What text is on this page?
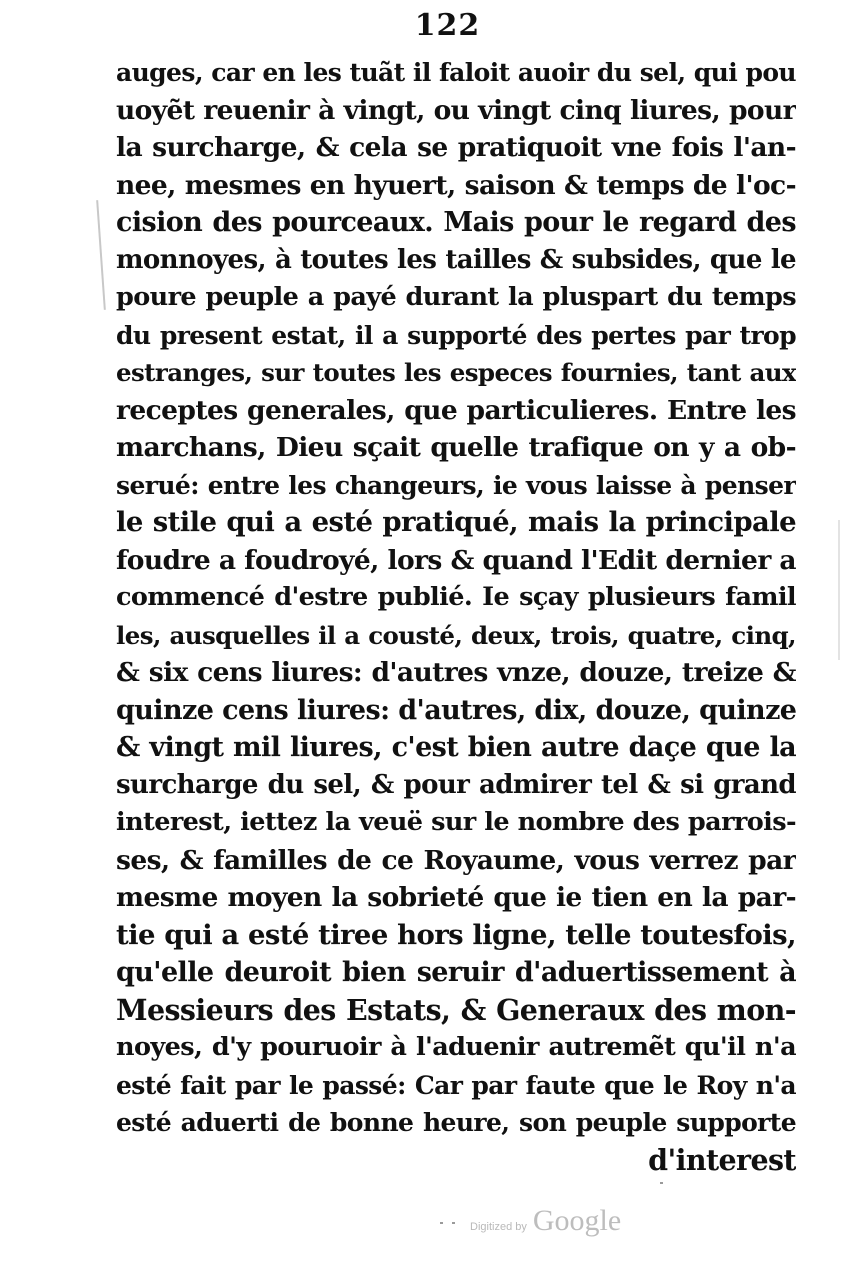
122
auges, car en les tuãt il faloit auoir du sel, qui pou
uoyẽt reuenir à vingt, ou vingt cinq liures, pour
la surcharge, & cela se pratiquoit vne fois l'an-
nee, mesmes en hyuert, saison & temps de l'oc-
cision des pourceaux. Mais pour le regard des
monnoyes, à toutes les tailles & subsides, que le
poure peuple a payé durant la pluspart du temps
du present estat, il a supporté des pertes par trop
estranges, sur toutes les especes fournies, tant aux
receptes generales, que particulieres. Entre les
marchans, Dieu sçait quelle trafique on y a ob-
serué: entre les changeurs, ie vous laisse à penser
le stile qui a esté pratiqué, mais la principale
foudre a foudroyé, lors & quand l'Edit dernier a
commencé d'estre publié. Ie sçay plusieurs famil
les, ausquelles il a cousté, deux, trois, quatre, cinq,
& six cens liures: d'autres vnze, douze, treize &
quinze cens liures: d'autres, dix, douze, quinze
& vingt mil liures, c'est bien autre daçe que la
surcharge du sel, & pour admirer tel & si grand
interest, iettez la veuë sur le nombre des parrois-
ses, & familles de ce Royaume, vous verrez par
mesme moyen la sobrieté que ie tien en la par-
tie qui a esté tiree hors ligne, telle toutesfois,
qu'elle deuroit bien seruir d'aduertissement à
Messieurs des Estats, & Generaux des mon-
noyes, d'y pouruoir à l'aduenir autremẽt qu'il n'a
esté fait par le passé: Car par faute que le Roy n'a
esté aduerti de bonne heure, son peuple supporte
d'interest
Digitized by Google
